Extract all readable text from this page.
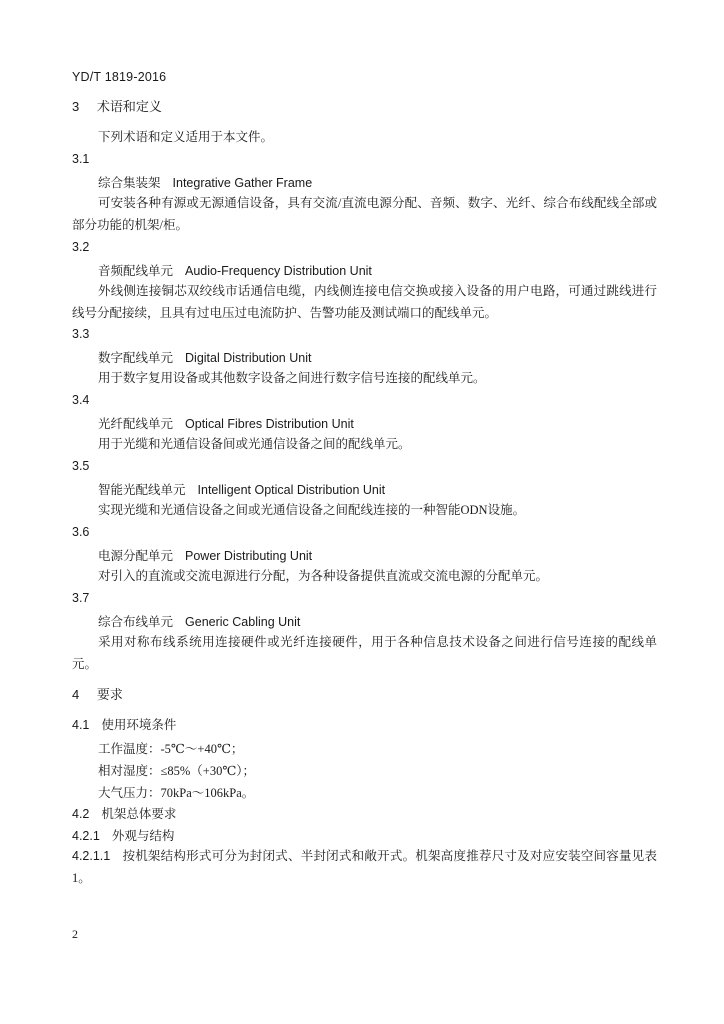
YD/T 1819-2016
3 术语和定义
下列术语和定义适用于本文件。
3.1
综合集装架 Integrative Gather Frame
可安装各种有源或无源通信设备，具有交流/直流电源分配、音频、数字、光纤、综合布线配线全部或部分功能的机架/柜。
3.2
音频配线单元 Audio-Frequency Distribution Unit
外线侧连接铜芯双绞线市话通信电缆，内线侧连接电信交换或接入设备的用户电路，可通过跳线进行线号分配接续，且具有过电压过电流防护、告警功能及测试端口的配线单元。
3.3
数字配线单元 Digital Distribution Unit
用于数字复用设备或其他数字设备之间进行数字信号连接的配线单元。
3.4
光纤配线单元 Optical Fibres Distribution Unit
用于光缆和光通信设备间或光通信设备之间的配线单元。
3.5
智能光配线单元 Intelligent Optical Distribution Unit
实现光缆和光通信设备之间或光通信设备之间配线连接的一种智能ODN设施。
3.6
电源分配单元 Power Distributing Unit
对引入的直流或交流电源进行分配，为各种设备提供直流或交流电源的分配单元。
3.7
综合布线单元 Generic Cabling Unit
采用对称布线系统用连接硬件或光纤连接硬件，用于各种信息技术设备之间进行信号连接的配线单元。
4 要求
4.1 使用环境条件
工作温度：-5℃～+40℃；
相对湿度：≤85%（+30℃）；
大气压力：70kPa～106kPa。
4.2 机架总体要求
4.2.1 外观与结构
4.2.1.1 按机架结构形式可分为封闭式、半封闭式和敞开式。机架高度推荐尺寸及对应安装空间容量见表1。
2
